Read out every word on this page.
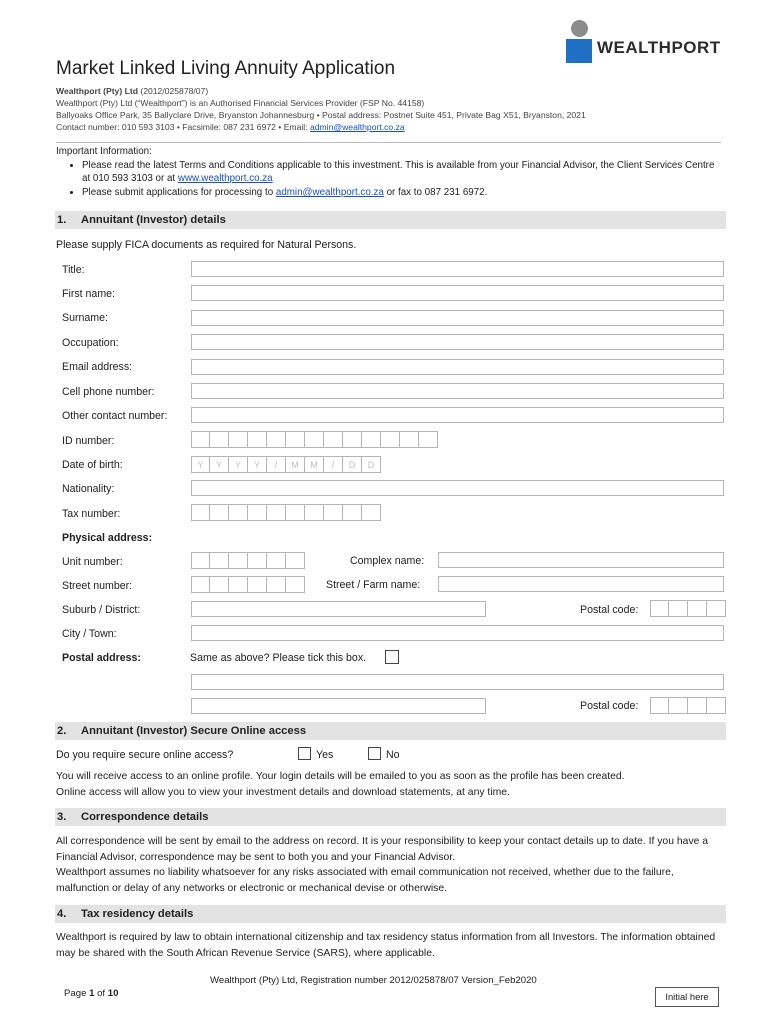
WEALTHPORT
Market Linked Living Annuity Application
Wealthport (Pty) Ltd (2012/025878/07)
Wealthport (Pty) Ltd (“Wealthport”) is an Authorised Financial Services Provider (FSP No. 44158)
Ballyoaks Office Park, 35 Ballyclare Drive, Bryanston Johannesburg • Postal address: Postnet Suite 451, Private Bag X51, Bryanston, 2021
Contact number: 010 593 3103 • Facsimile: 087 231 6972 • Email: admin@wealthport.co.za
Important Information:
• Please read the latest Terms and Conditions applicable to this investment. This is available from your Financial Advisor, the Client Services Centre at 010 593 3103 or at www.wealthport.co.za
• Please submit applications for processing to admin@wealthport.co.za or fax to 087 231 6972.
1. Annuitant (Investor) details
Please supply FICA documents as required for Natural Persons.
Title:
First name:
Surname:
Occupation:
Email address:
Cell phone number:
Other contact number:
ID number:
Date of birth:	Y	Y	Y	Y	/	M	M	/	D	D
Nationality:
Tax number:
Physical address:
Unit number:	Complex name:
Street number:	Street / Farm name:
Suburb / District:	Postal code:
City / Town:
Postal address:	Same as above? Please tick this box.
Postal code:
2. Annuitant (Investor) Secure Online access
Do you require secure online access?	Yes	No
You will receive access to an online profile. Your login details will be emailed to you as soon as the profile has been created.
Online access will allow you to view your investment details and download statements, at any time.
3. Correspondence details
All correspondence will be sent by email to the address on record. It is your responsibility to keep your contact details up to date. If you have a Financial Advisor, correspondence may be sent to both you and your Financial Advisor.
Wealthport assumes no liability whatsoever for any risks associated with email communication not received, whether due to the failure, malfunction or delay of any networks or electronic or mechanical devise or otherwise.
4. Tax residency details
Wealthport is required by law to obtain international citizenship and tax residency status information from all Investors. The information obtained may be shared with the South African Revenue Service (SARS), where applicable.
Wealthport (Pty) Ltd, Registration number 2012/025878/07 Version_Feb2020
Page 1 of 10	Initial here
